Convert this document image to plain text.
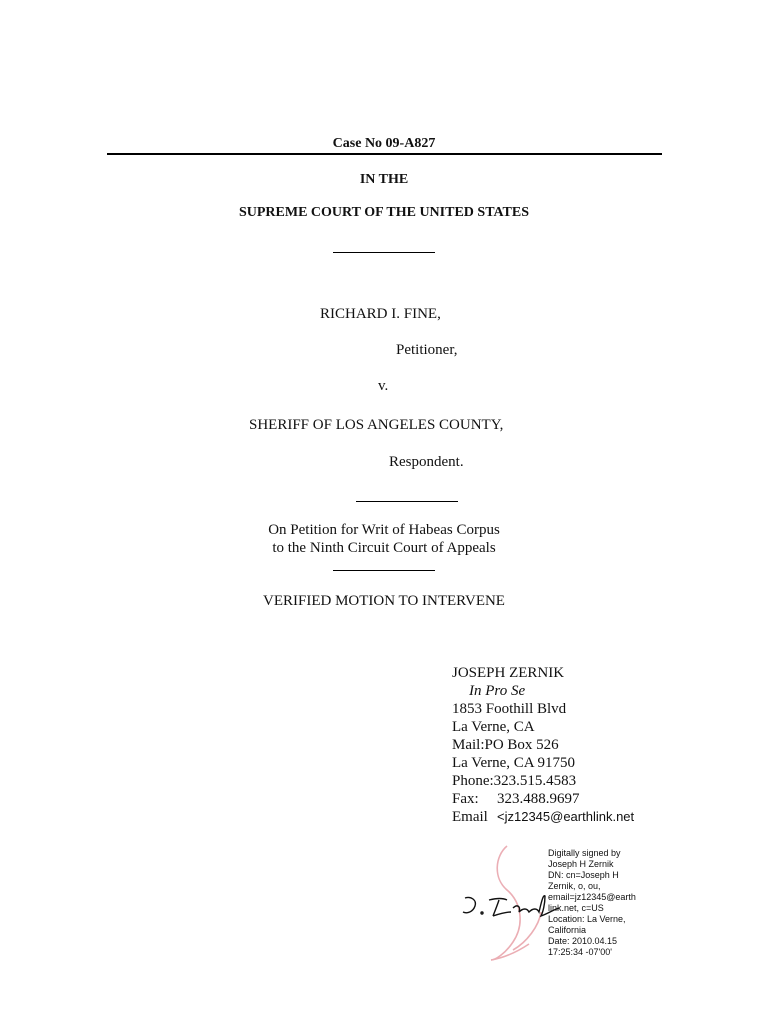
Case No 09-A827
IN THE
SUPREME COURT OF THE UNITED STATES
RICHARD I. FINE,
Petitioner,
v.
SHERIFF OF LOS ANGELES COUNTY,
Respondent.
On Petition for Writ of Habeas Corpus
to the Ninth Circuit Court of Appeals
VERIFIED MOTION TO INTERVENE
JOSEPH ZERNIK
In Pro Se
1853 Foothill Blvd
La Verne, CA
Mail:PO Box 526
La Verne, CA 91750
Phone:323.515.4583
Fax: 323.488.9697
Email <jz12345@earthlink.net
Digitally signed by
Joseph H Zernik
DN: cn=Joseph H
Zernik, o, ou,
email=jz12345@earth
link.net, c=US
Location: La Verne,
California
Date: 2010.04.15
17:25:34 -07'00'
